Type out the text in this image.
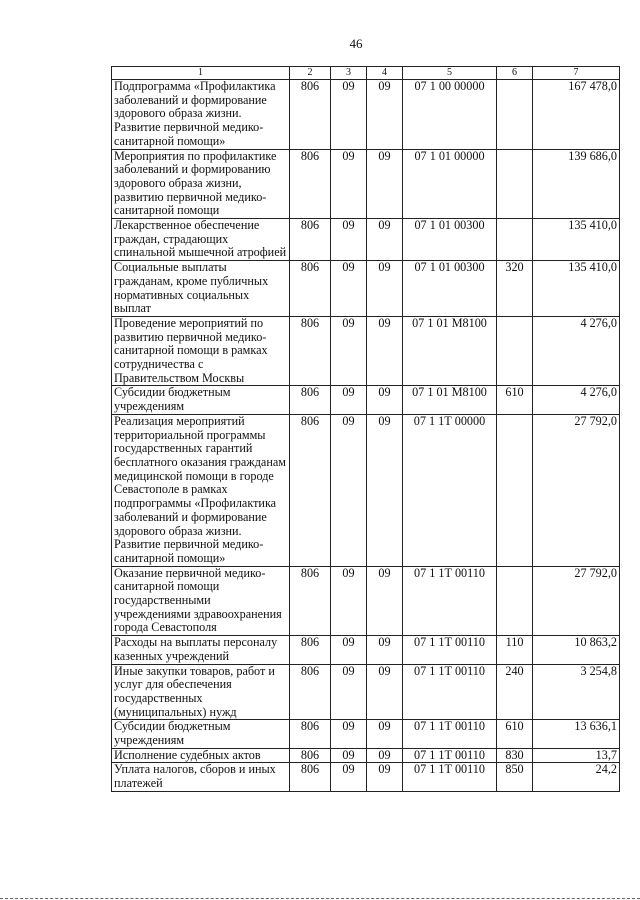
46
1	2	3	4	5	6	7
Подпрограмма «Профилактика заболеваний и формирование здорового образа жизни. Развитие первичной медико-санитарной помощи»	806	09	09	07 1 00 00000		167 478,0
Мероприятия по профилактике заболеваний и формированию здорового образа жизни, развитию первичной медико-санитарной помощи	806	09	09	07 1 01 00000		139 686,0
Лекарственное обеспечение граждан, страдающих спинальной мышечной атрофией	806	09	09	07 1 01 00300		135 410,0
Социальные выплаты гражданам, кроме публичных нормативных социальных выплат	806	09	09	07 1 01 00300	320	135 410,0
Проведение мероприятий по развитию первичной медико-санитарной помощи в рамках сотрудничества с Правительством Москвы	806	09	09	07 1 01 M8100		4 276,0
Субсидии бюджетным учреждениям	806	09	09	07 1 01 M8100	610	4 276,0
Реализация мероприятий территориальной программы государственных гарантий бесплатного оказания гражданам медицинской помощи в городе Севастополе в рамках подпрограммы «Профилактика заболеваний и формирование здорового образа жизни. Развитие первичной медико-санитарной помощи»	806	09	09	07 1 1Т 00000		27 792,0
Оказание первичной медико-санитарной помощи государственными учреждениями здравоохранения города Севастополя	806	09	09	07 1 1Т 00110		27 792,0
Расходы на выплаты персоналу казенных учреждений	806	09	09	07 1 1Т 00110	110	10 863,2
Иные закупки товаров, работ и услуг для обеспечения государственных (муниципальных) нужд	806	09	09	07 1 1Т 00110	240	3 254,8
Субсидии бюджетным учреждениям	806	09	09	07 1 1Т 00110	610	13 636,1
Исполнение судебных актов	806	09	09	07 1 1Т 00110	830	13,7
Уплата налогов, сборов и иных платежей	806	09	09	07 1 1Т 00110	850	24,2
